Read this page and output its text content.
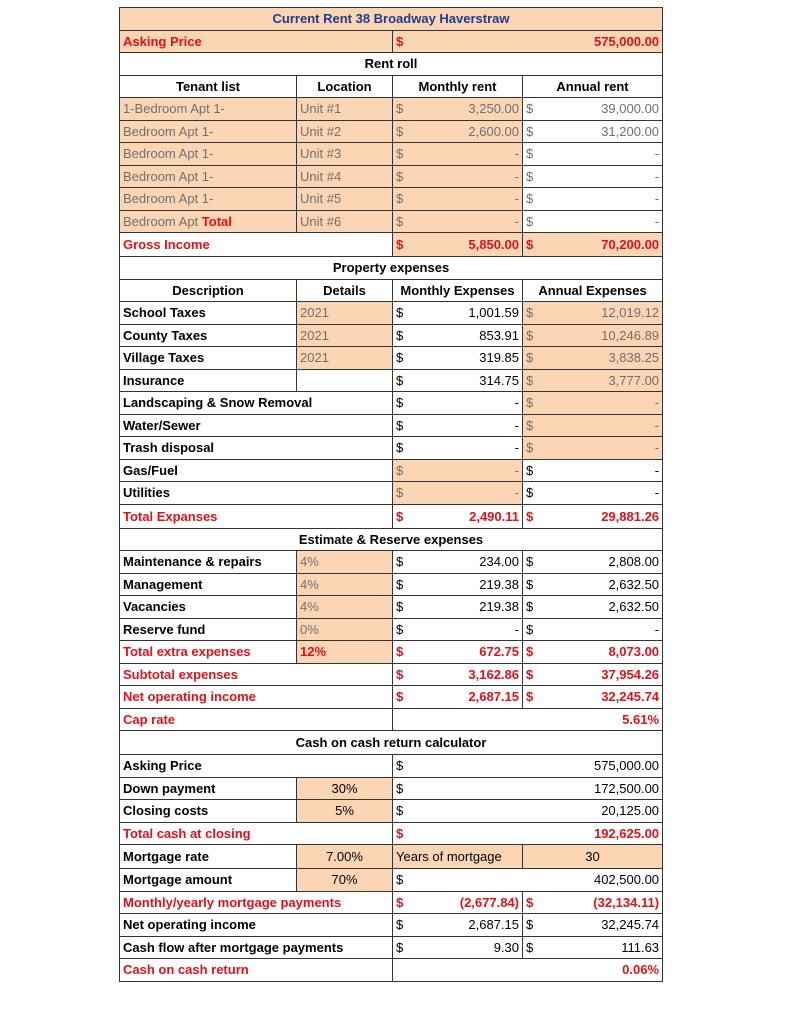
Current Rent 38 Broadway Haverstraw			
Asking Price		$ 575,000.00	

Rent roll			
Tenant list	Location	Monthly rent	Annual rent
1-Bedroom Apt 1-	Unit #1	$ 3,250.00	$ 39,000.00

Bedroom Apt 1-	Unit #2	$ 2,600.00	$ 31,200.00

Bedroom Apt 1-	Unit #3	$ -	$ -

Bedroom Apt 1-	Unit #4	$ -	$ -

Bedroom Apt 1-	Unit #5	$ -	$ -

Bedroom Apt Total	Unit #6	$ -	$ -

Gross Income		$ 5,850.00	$ 70,200.00

Property expenses			
Description	Details	Monthly Expenses	Annual Expenses
School Taxes	2021	$ 1,001.59	$ 12,019.12

County Taxes	2021	$ 853.91	$ 10,246.89

Village Taxes	2021	$ 319.85	$ 3,838.25

Insurance		$ 314.75	$ 3,777.00

Landscaping & Snow Removal		$ -	$ -

Water/Sewer		$ -	$ -

Trash disposal		$ -	$ -

Gas/Fuel		$ -	$ -

Utilities		$ -	$ -

Total Expanses		$ 2,490.11	$ 29,881.26

Estimate & Reserve expenses			
Maintenance & repairs	4%	$ 234.00	$ 2,808.00

Management	4%	$ 219.38	$ 2,632.50

Vacancies	4%	$ 219.38	$ 2,632.50

Reserve fund	0%	$ -	$ -

Total extra expenses	12%	$ 672.75	$ 8,073.00

Subtotal expenses		$ 3,162.86	$ 37,954.26

Net operating income		$ 2,687.15	$ 32,245.74

Cap rate		5.61%	
Cash on cash return calculator			
Asking Price		$ 575,000.00	

Down payment	30%	$ 172,500.00	

Closing costs	5%	$ 20,125.00	

Total cash at closing		$ 192,625.00	

Mortgage rate	7.00%	Years of mortgage	30
Mortgage amount	70%	$ 402,500.00	

Monthly/yearly mortgage payments		$ (2,677.84)	$ (32,134.11)

Net operating income		$ 2,687.15	$ 32,245.74

Cash flow after mortgage payments		$ 9.30	$ 111.63

Cash on cash return		0.06%	
